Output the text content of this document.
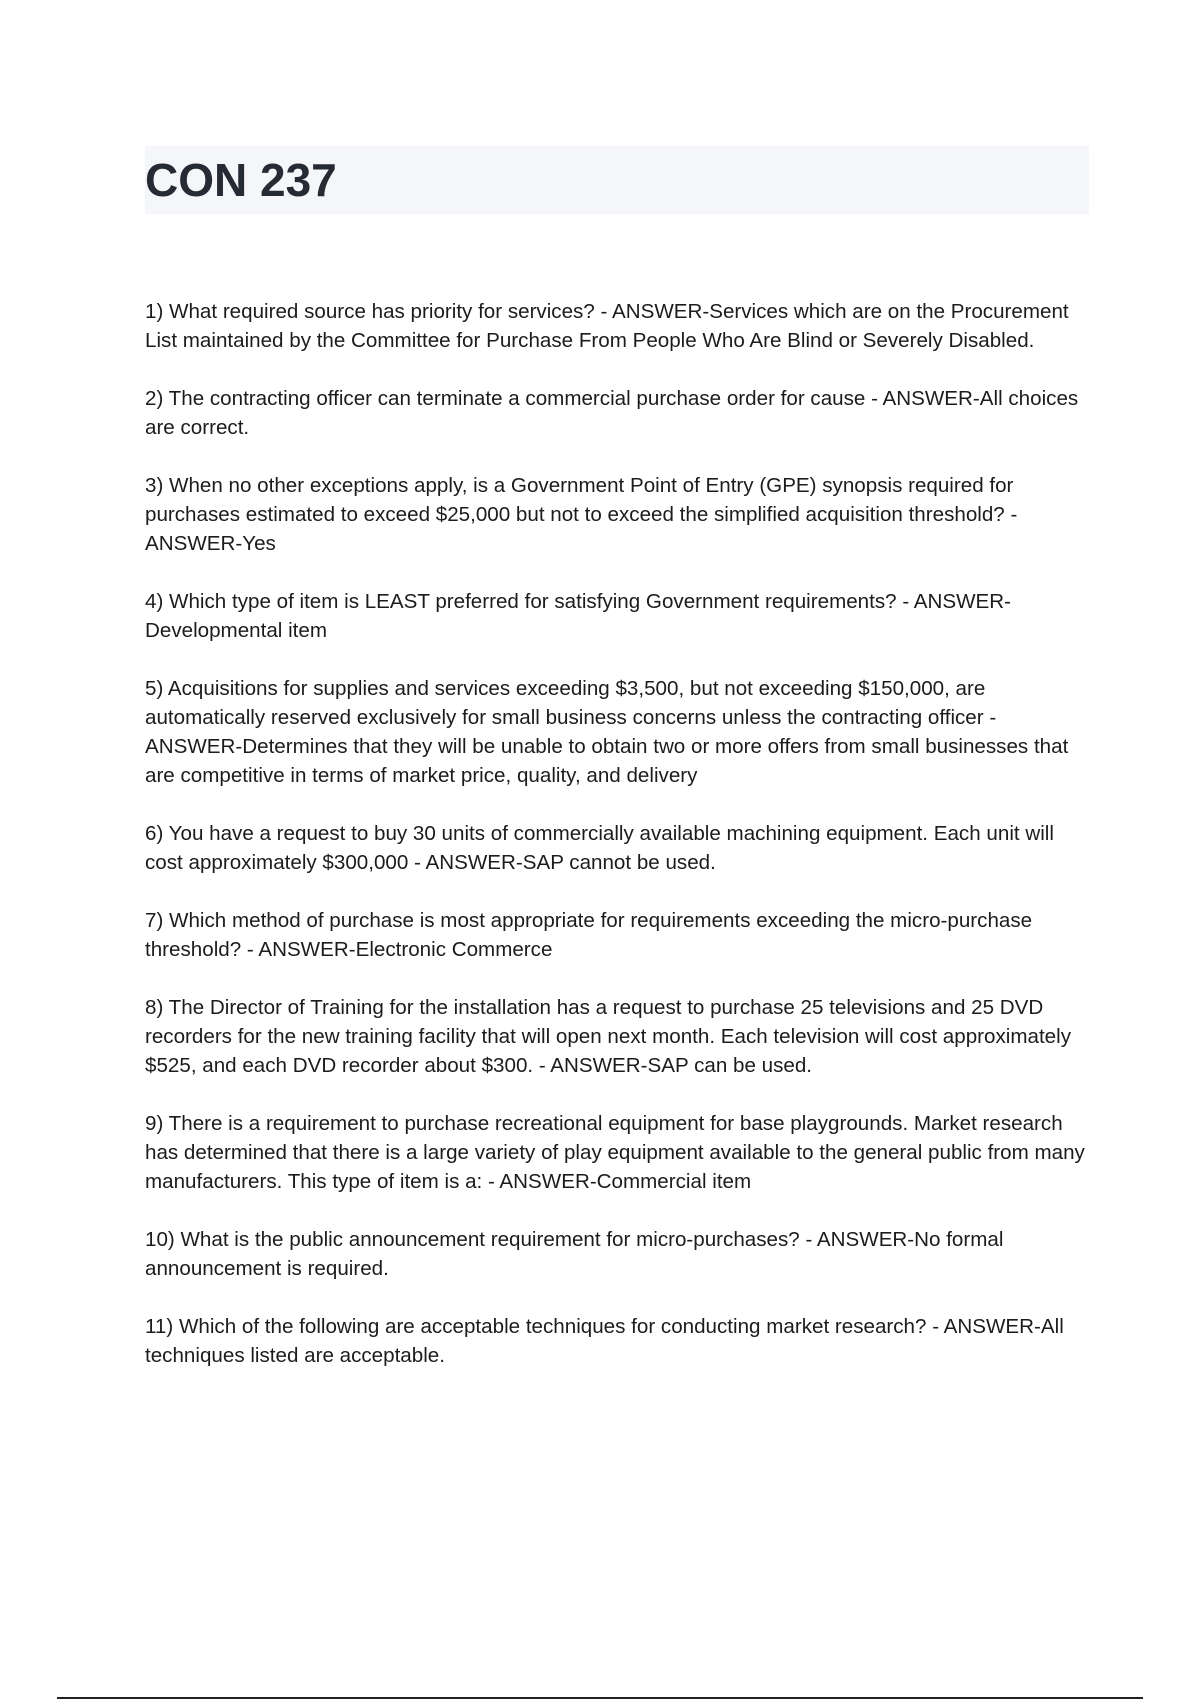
CON 237
1) What required source has priority for services? - ANSWER-Services which are on the Procurement List maintained by the Committee for Purchase From People Who Are Blind or Severely Disabled.
2) The contracting officer can terminate a commercial purchase order for cause - ANSWER-All choices are correct.
3) When no other exceptions apply, is a Government Point of Entry (GPE) synopsis required for purchases estimated to exceed $25,000 but not to exceed the simplified acquisition threshold? - ANSWER-Yes
4) Which type of item is LEAST preferred for satisfying Government requirements? - ANSWER-Developmental item
5) Acquisitions for supplies and services exceeding $3,500, but not exceeding $150,000, are automatically reserved exclusively for small business concerns unless the contracting officer - ANSWER-Determines that they will be unable to obtain two or more offers from small businesses that are competitive in terms of market price, quality, and delivery
6) You have a request to buy 30 units of commercially available machining equipment. Each unit will cost approximately $300,000 - ANSWER-SAP cannot be used.
7) Which method of purchase is most appropriate for requirements exceeding the micro-purchase threshold? - ANSWER-Electronic Commerce
8) The Director of Training for the installation has a request to purchase 25 televisions and 25 DVD recorders for the new training facility that will open next month. Each television will cost approximately $525, and each DVD recorder about $300. - ANSWER-SAP can be used.
9) There is a requirement to purchase recreational equipment for base playgrounds. Market research has determined that there is a large variety of play equipment available to the general public from many manufacturers. This type of item is a: - ANSWER-Commercial item
10) What is the public announcement requirement for micro-purchases? - ANSWER-No formal announcement is required.
11) Which of the following are acceptable techniques for conducting market research? - ANSWER-All techniques listed are acceptable.
